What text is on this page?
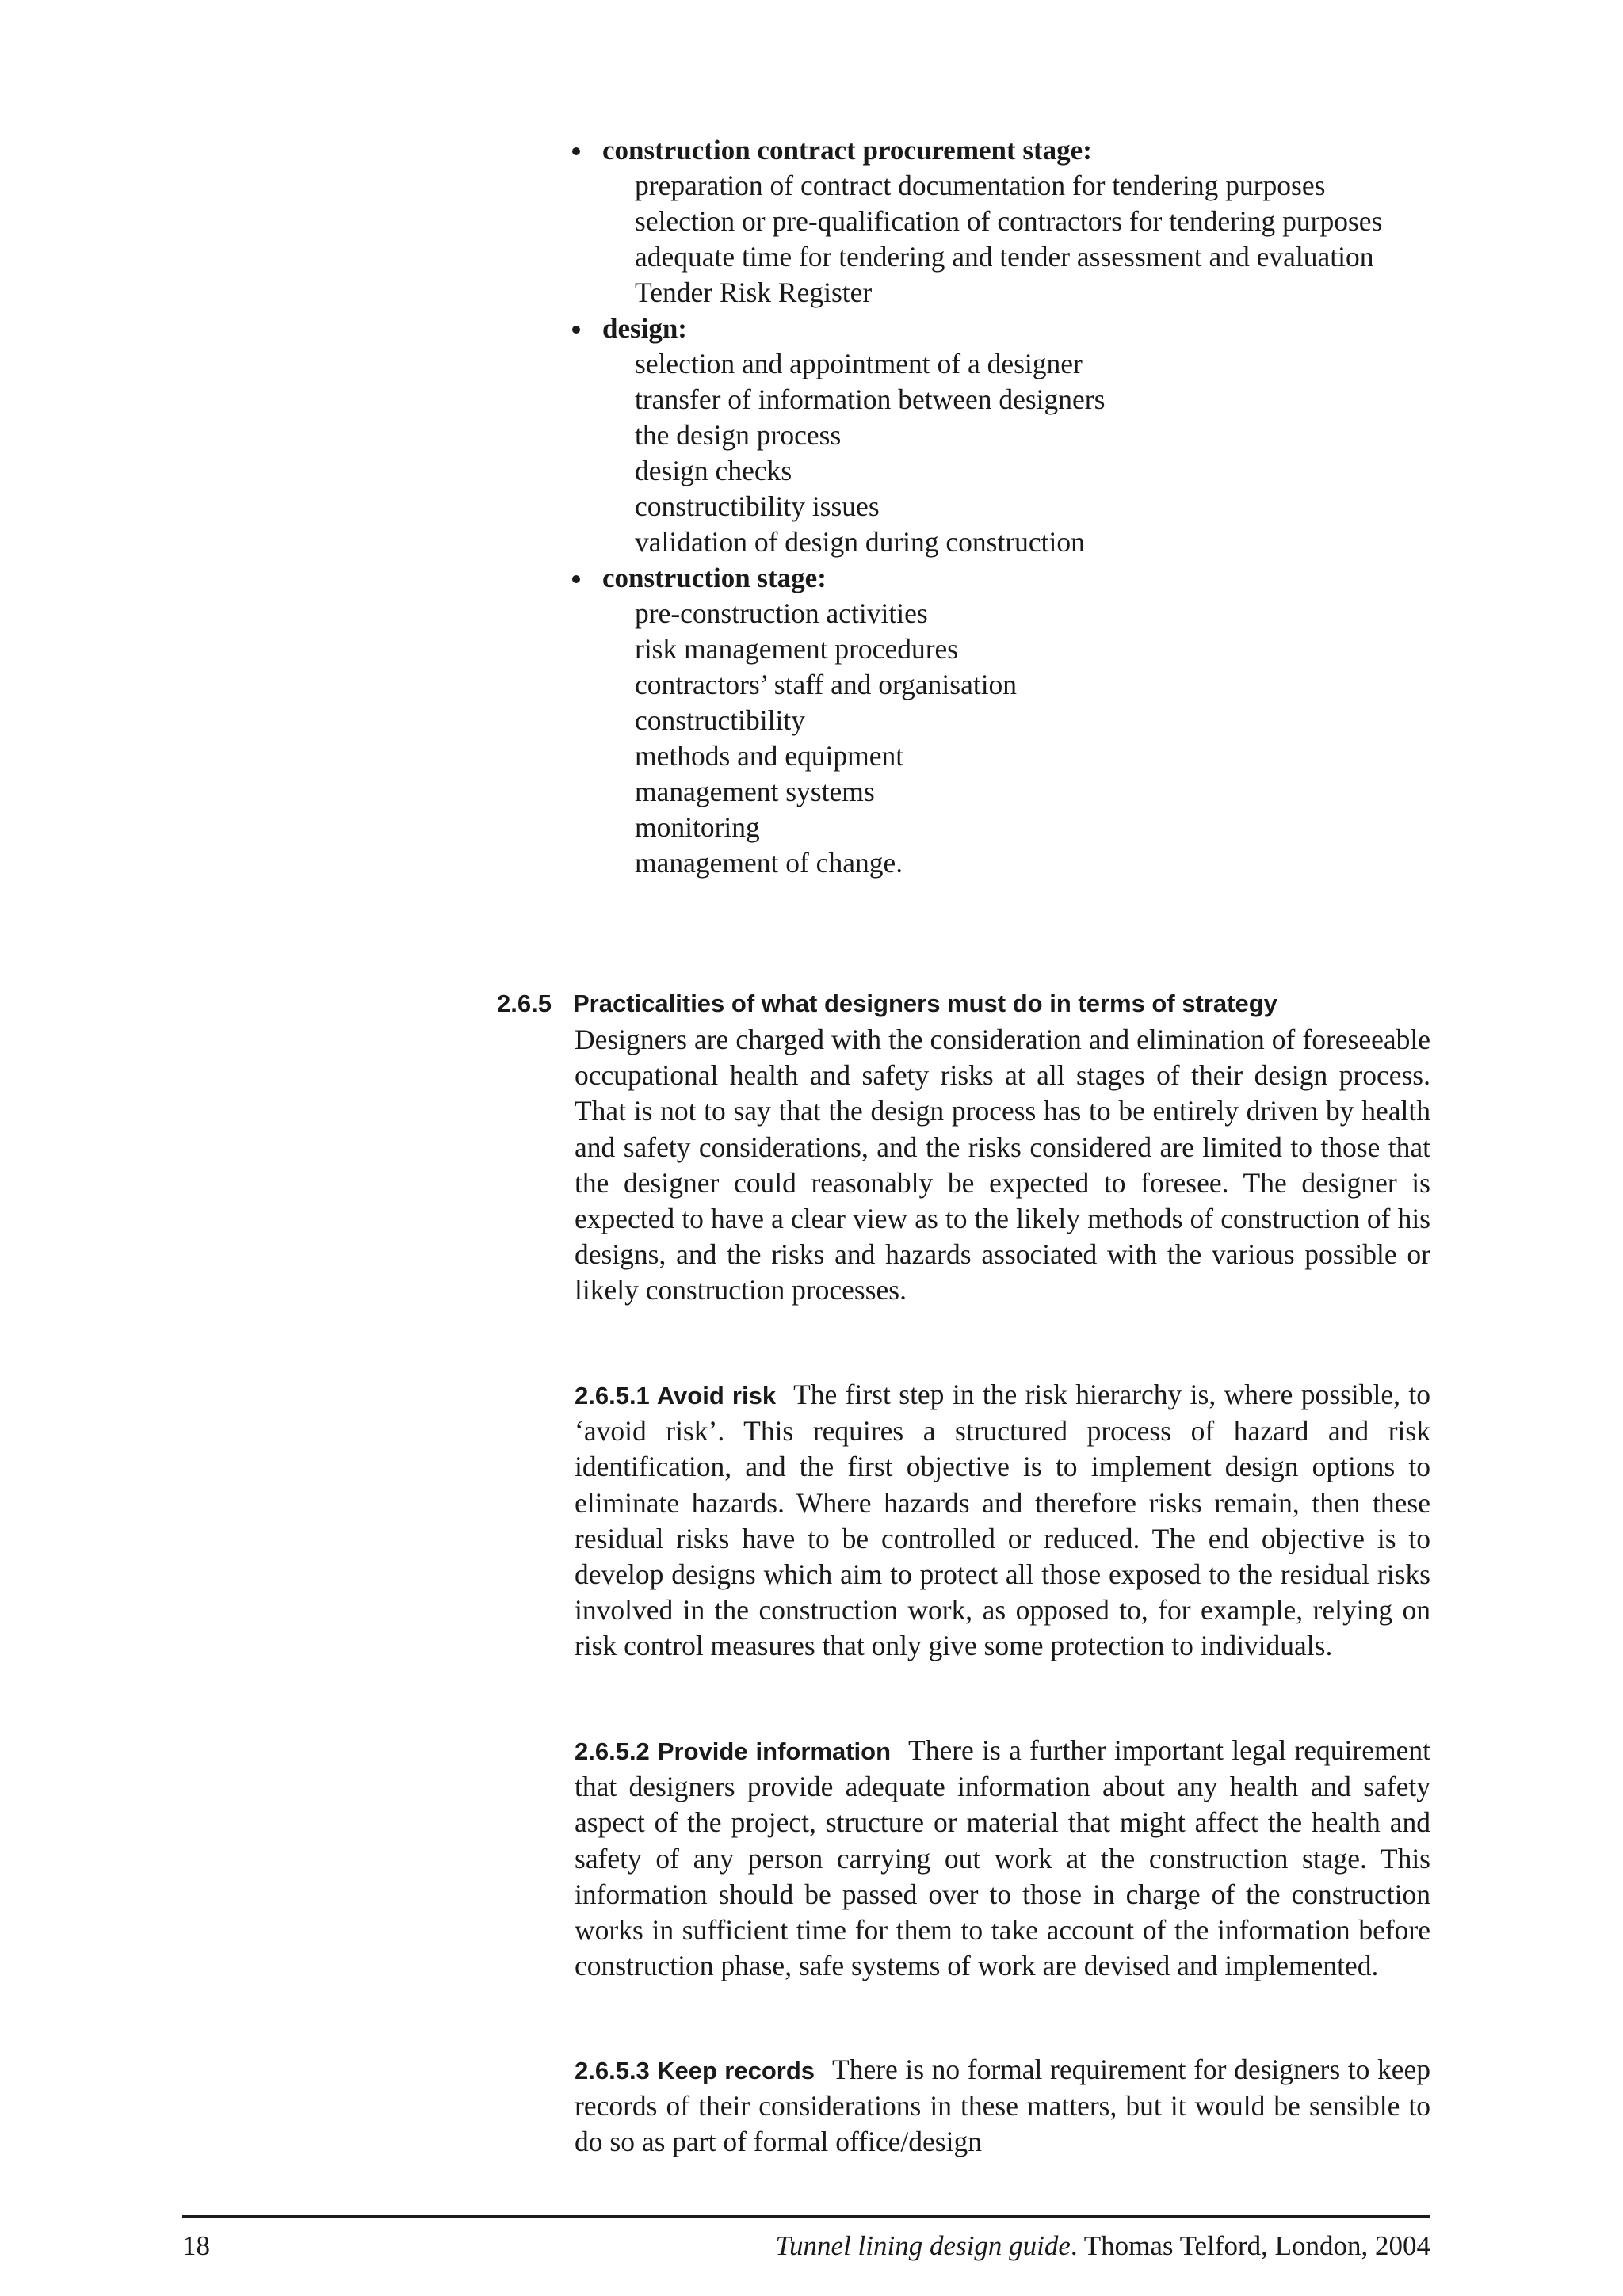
construction contract procurement stage:
preparation of contract documentation for tendering purposes
selection or pre-qualification of contractors for tendering purposes
adequate time for tendering and tender assessment and evaluation
Tender Risk Register
design:
selection and appointment of a designer
transfer of information between designers
the design process
design checks
constructibility issues
validation of design during construction
construction stage:
pre-construction activities
risk management procedures
contractors’ staff and organisation
constructibility
methods and equipment
management systems
monitoring
management of change.
2.6.5 Practicalities of what designers must do in terms of strategy
Designers are charged with the consideration and elimination of foreseeable occupational health and safety risks at all stages of their design process. That is not to say that the design process has to be entirely driven by health and safety considerations, and the risks considered are limited to those that the designer could reasonably be expected to foresee. The designer is expected to have a clear view as to the likely methods of construction of his designs, and the risks and hazards associated with the various possible or likely construction processes.
2.6.5.1 Avoid risk The first step in the risk hierarchy is, where possible, to ‘avoid risk’. This requires a structured process of hazard and risk identification, and the first objective is to implement design options to eliminate hazards. Where hazards and therefore risks remain, then these residual risks have to be controlled or reduced. The end objective is to develop designs which aim to protect all those exposed to the residual risks involved in the construction work, as opposed to, for example, relying on risk control measures that only give some protection to individuals.
2.6.5.2 Provide information There is a further important legal requirement that designers provide adequate information about any health and safety aspect of the project, structure or material that might affect the health and safety of any person carrying out work at the construction stage. This information should be passed over to those in charge of the construction works in sufficient time for them to take account of the information before construction phase, safe systems of work are devised and implemented.
2.6.5.3 Keep records There is no formal requirement for designers to keep records of their considerations in these matters, but it would be sensible to do so as part of formal office/design
18	Tunnel lining design guide. Thomas Telford, London, 2004
